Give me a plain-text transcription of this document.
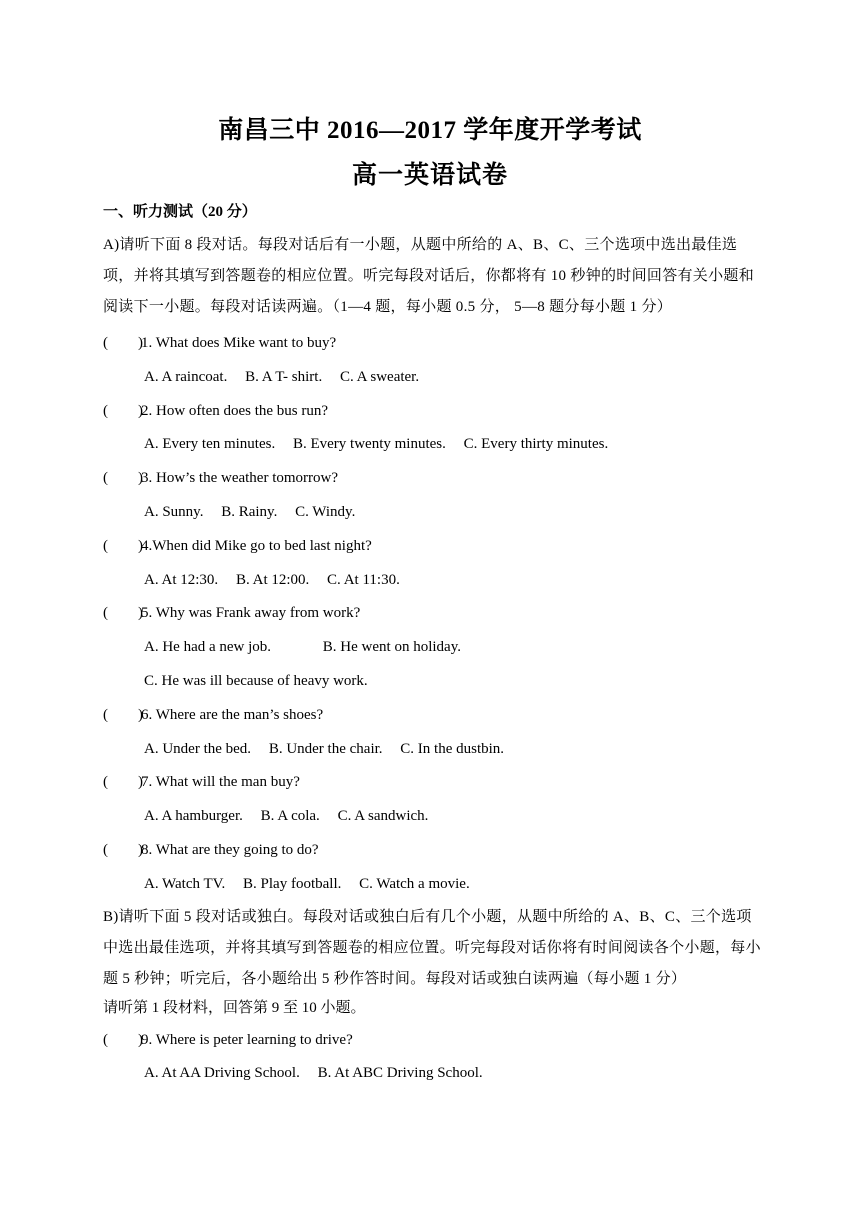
南昌三中 2016—2017 学年度开学考试
高一英语试卷
一、听力测试（20 分）

A)请听下面 8 段对话。每段对话后有一小题，从题中所给的 A、B、C、三个选项中选出最佳选项，并将其填写到答题卷的相应位置。听完每段对话后，你都将有 10 秒钟的时间回答有关小题和阅读下一小题。每段对话读两遍。（1—4 题，每小题 0.5 分， 5—8 题分每小题 1 分）

(        )
1. What does Mike want to buy?
A. A raincoat. B. A T- shirt. C. A sweater.
(        )
2. How often does the bus run?
A. Every ten minutes. B. Every twenty minutes. C. Every thirty minutes.
(        )
3. How’s the weather tomorrow?
A. Sunny. B. Rainy. C. Windy.
(        )
4.When did Mike go to bed last night?
A. At 12:30. B. At 12:00. C. At 11:30.
(        )
5. Why was Frank away from work?
A. He had a new job.	B. He went on holiday.
C. He was ill because of heavy work.
(        )
6. Where are the man’s shoes?
A. Under the bed. B. Under the chair. C. In the dustbin.
(        )
7. What will the man buy?
A. A hamburger. B. A cola. C. A sandwich.
(        )
8. What are they going to do?
A. Watch TV. B. Play football. C. Watch a movie.

B)请听下面 5 段对话或独白。每段对话或独白后有几个小题，从题中所给的 A、B、C、三个选项中选出最佳选项，并将其填写到答题卷的相应位置。听完每段对话你将有时间阅读各个小题，每小题 5 秒钟；听完后，各小题给出 5 秒作答时间。每段对话或独白读两遍（每小题 1 分）

请听第 1 段材料，回答第 9 至 10 小题。
(        )
9. Where is peter learning to drive?
A. At AA Driving School. B. At ABC Driving School.
